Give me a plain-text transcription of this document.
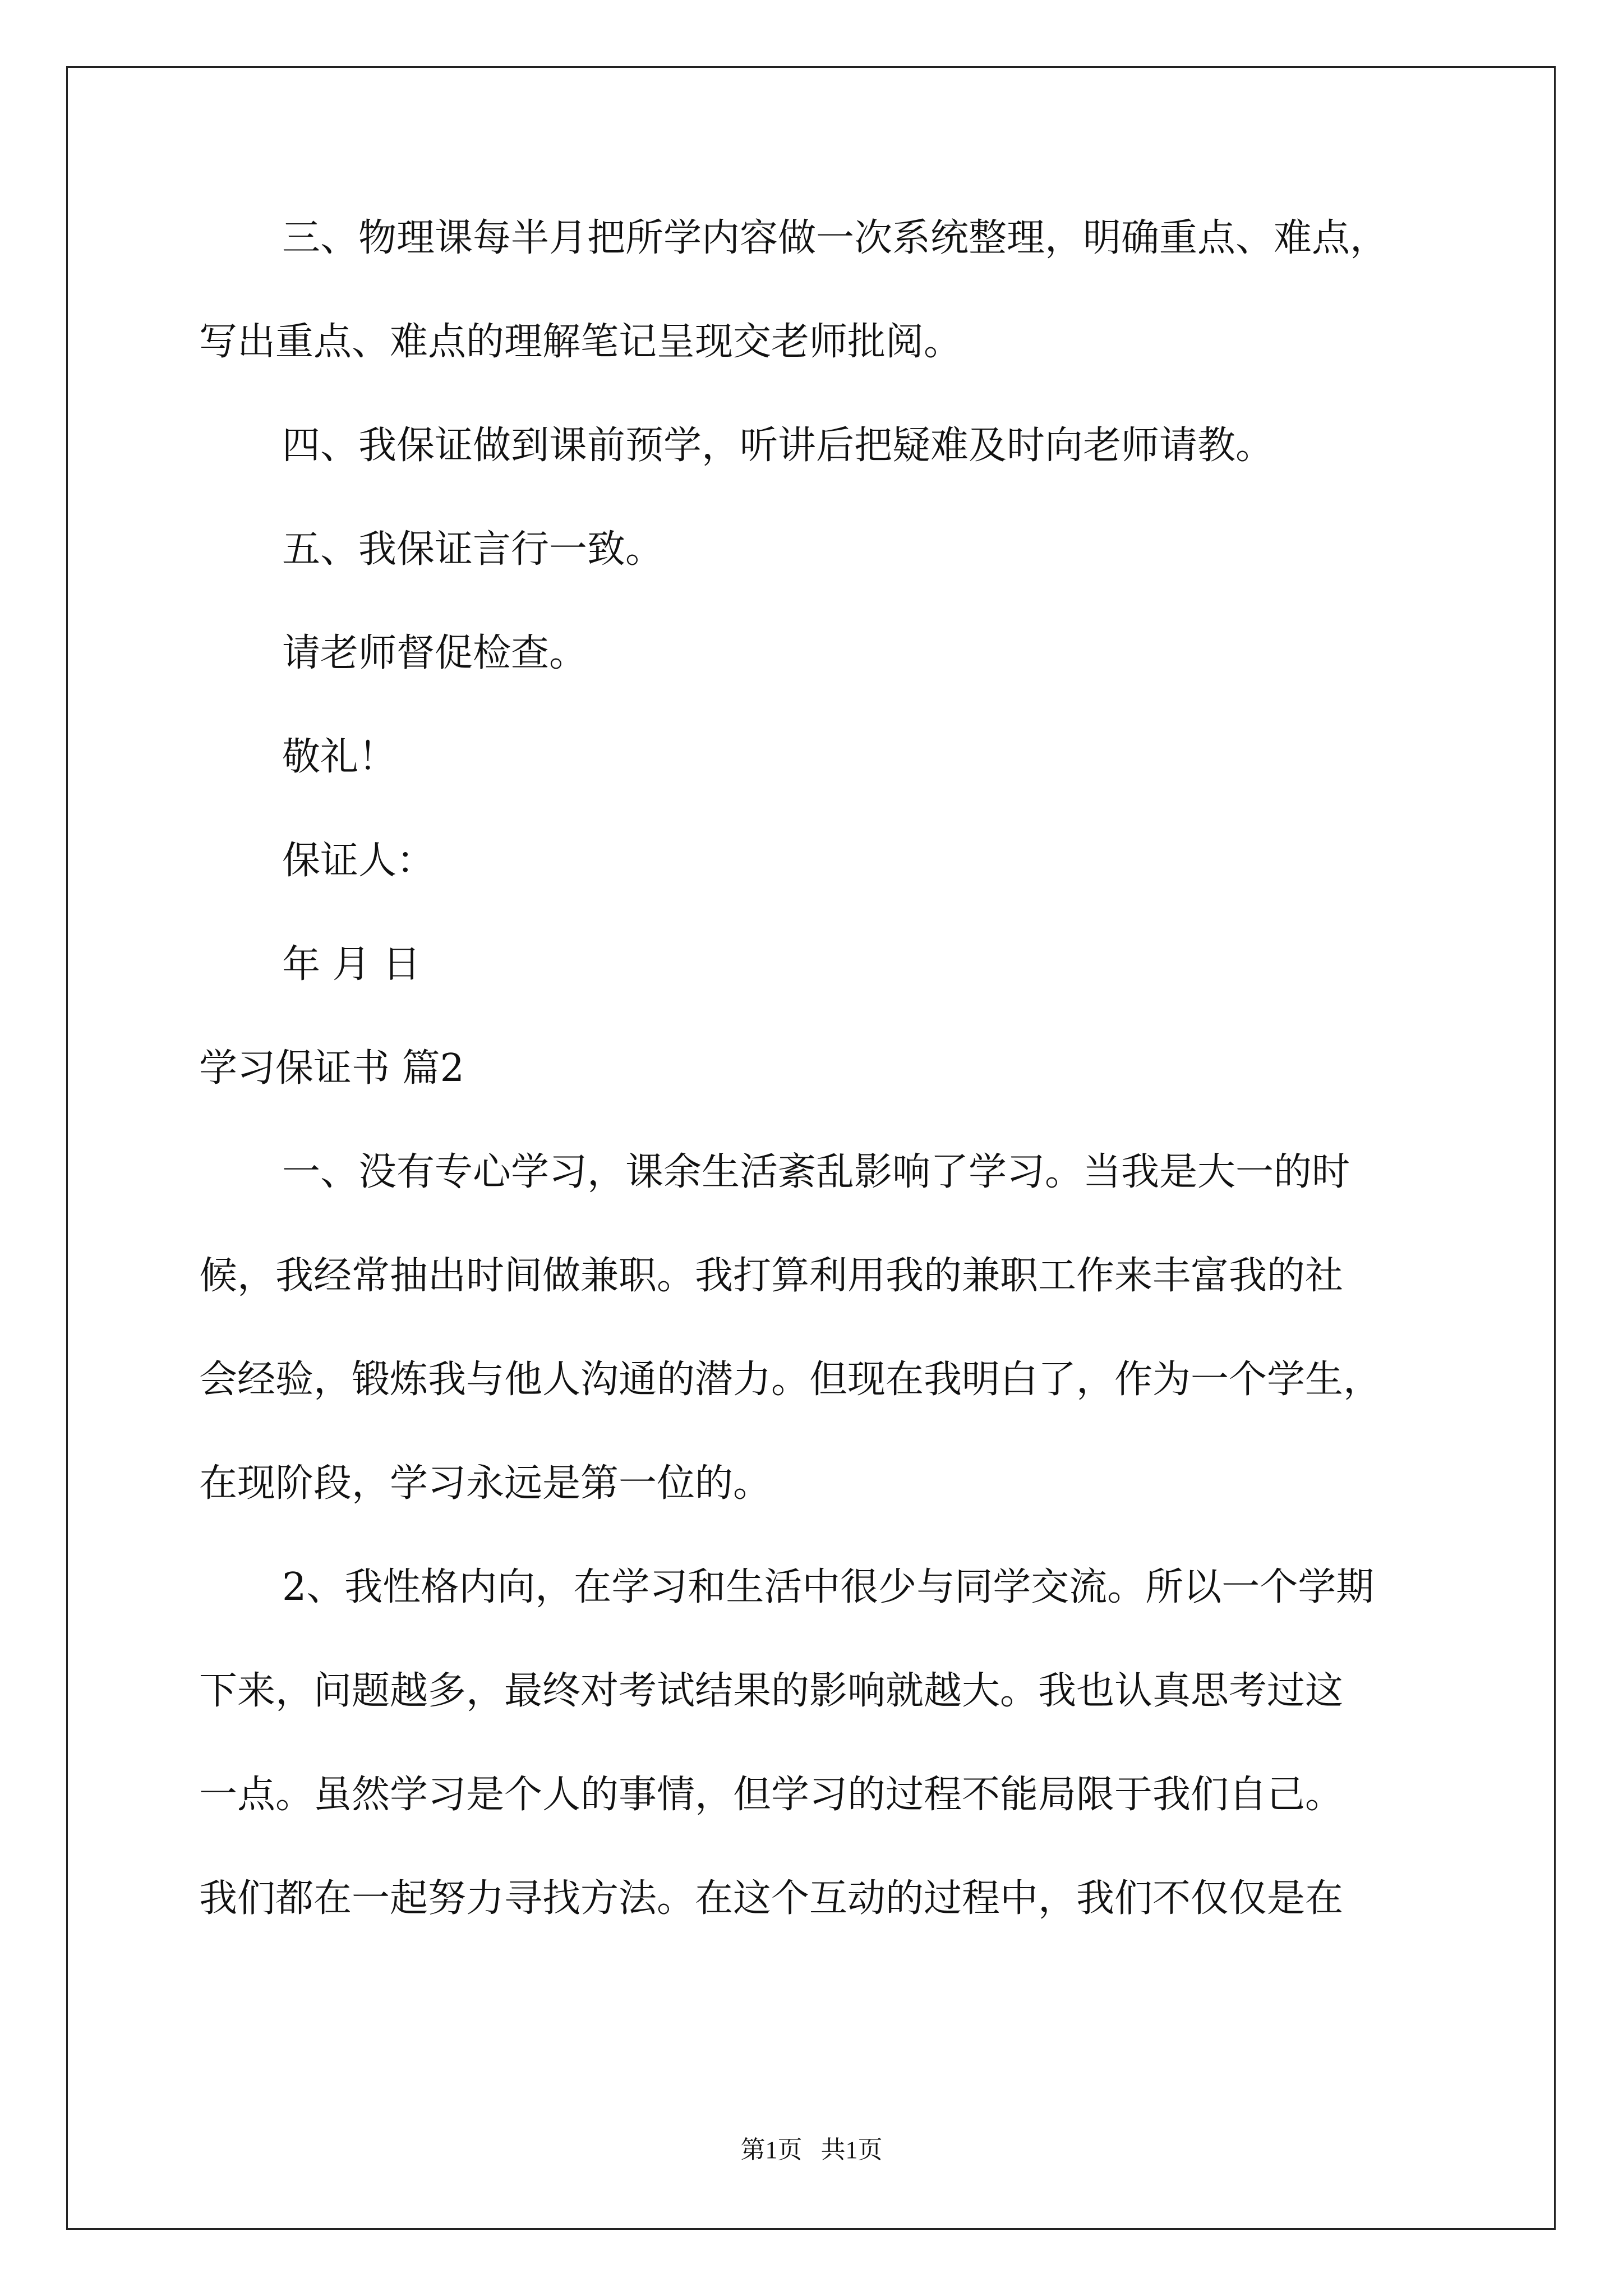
三、物理课每半月把所学内容做一次系统整理，明确重点、难点，
写出重点、难点的理解笔记呈现交老师批阅。
四、我保证做到课前预学，听讲后把疑难及时向老师请教。
五、我保证言行一致。
请老师督促检查。
敬礼！
保证人：
年 月 日
学习保证书 篇2
一、没有专心学习，课余生活紊乱影响了学习。当我是大一的时
候，我经常抽出时间做兼职。我打算利用我的兼职工作来丰富我的社
会经验，锻炼我与他人沟通的潜力。但现在我明白了，作为一个学生，
在现阶段，学习永远是第一位的。
2、我性格内向，在学习和生活中很少与同学交流。所以一个学期
下来，问题越多，最终对考试结果的影响就越大。我也认真思考过这
一点。虽然学习是个人的事情，但学习的过程不能局限于我们自己。
我们都在一起努力寻找方法。在这个互动的过程中，我们不仅仅是在
第1页   共1页
